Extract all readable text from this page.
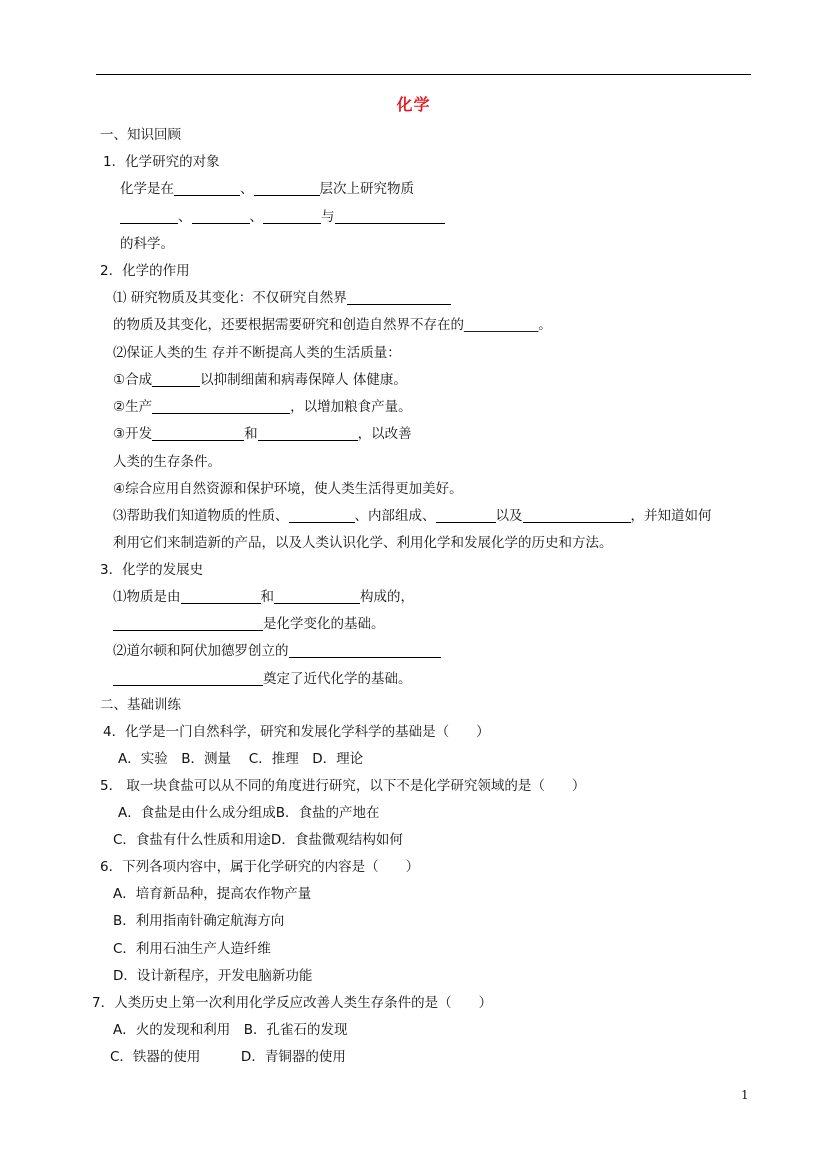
化学
一、知识回顾
1．化学研究的对象
化学是在	、	层次上研究物质
、	、	与
的科学。
2．化学的作用
⑴ 研究物质及其变化：不仅研究自然界
的物质及其变化，还要根据需要研究和创造自然界不存在的___________。
⑵保证人类的生 存并不断提高人类的生活质量：
①合成	以抑制细菌和病毒保障人 体健康。
②生产	，以增加粮食产量。
③开发	和	，以改善
人类的生存条件。
④综合应用自然资源和保护环境，使人类生活得更加美好。
⑶帮助我们知道物质的性质、	、内部组成、	以及	，并知道如何
利用它们来制造新的产品，以及人类认识化学、利用化学和发展化学的历史和方法。
3．化学的发展史
⑴物质是由	和	构成的，
是化学变化的基础。
⑵道尔顿和阿伏加德罗创立的
奠定了近代化学的基础。
二、基础训练
4．化学是一门自然科学，研究和发展化学科学的基础是（　　）
A．实验　B．测量　 C．推理　D．理论
5． 取一块食盐可以从不同的角度进行研究，以下不是化学研究领域的是（　　）
A．食盐是由什么成分组成B．食盐的产地在
C．食盐有什么性质和用途D．食盐微观结构如何
6．下列各项内容中，属于化学研究的内容是（　　）
A．培育新品种，提高农作物产量
B．利用指南针确定航海方向
C．利用石油生产人造纤维
D．设计新程序，开发电脑新功能
7．人类历史上第一次利用化学反应改善人类生存条件的是（　　）
A．火的发现和利用　B．孔雀石的发现
C．铁器的使用　　　D．青铜器的使用
1
